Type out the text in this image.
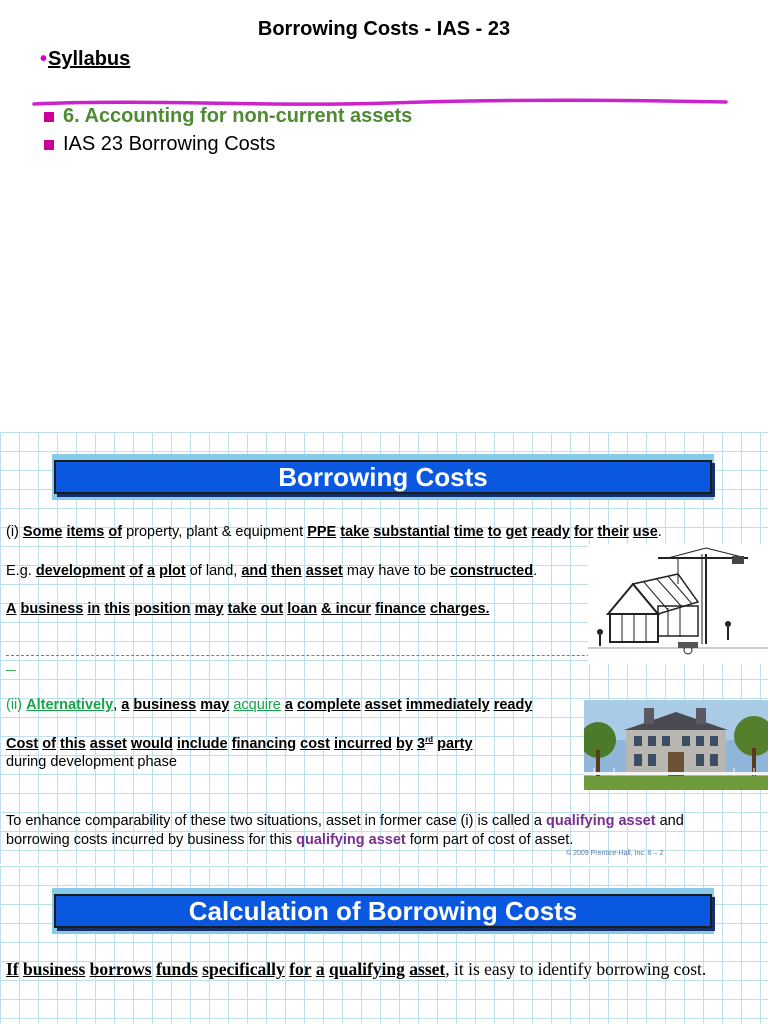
Borrowing Costs - IAS - 23
•Syllabus
6. Accounting for non-current assets
IAS 23 Borrowing Costs
Borrowing Costs
(i) Some items of property, plant & equipment PPE take substantial time to get ready for their use.
E.g. development of a plot of land, and then asset may have to be constructed.
A business in this position may take out loan & incur finance charges.
(ii) Alternatively, a business may acquire a complete asset immediately ready
Cost of this asset would include financing cost incurred by 3rd party
during development phase
To enhance comparability of these two situations, asset in former case (i) is called a qualifying asset and
borrowing costs incurred by business for this qualifying asset form part of cost of asset.
© 2009 Prentice-Hall, Inc. 6 – 2
Calculation of Borrowing Costs
If business borrows funds specifically for a qualifying asset, it is easy to identify borrowing cost.
